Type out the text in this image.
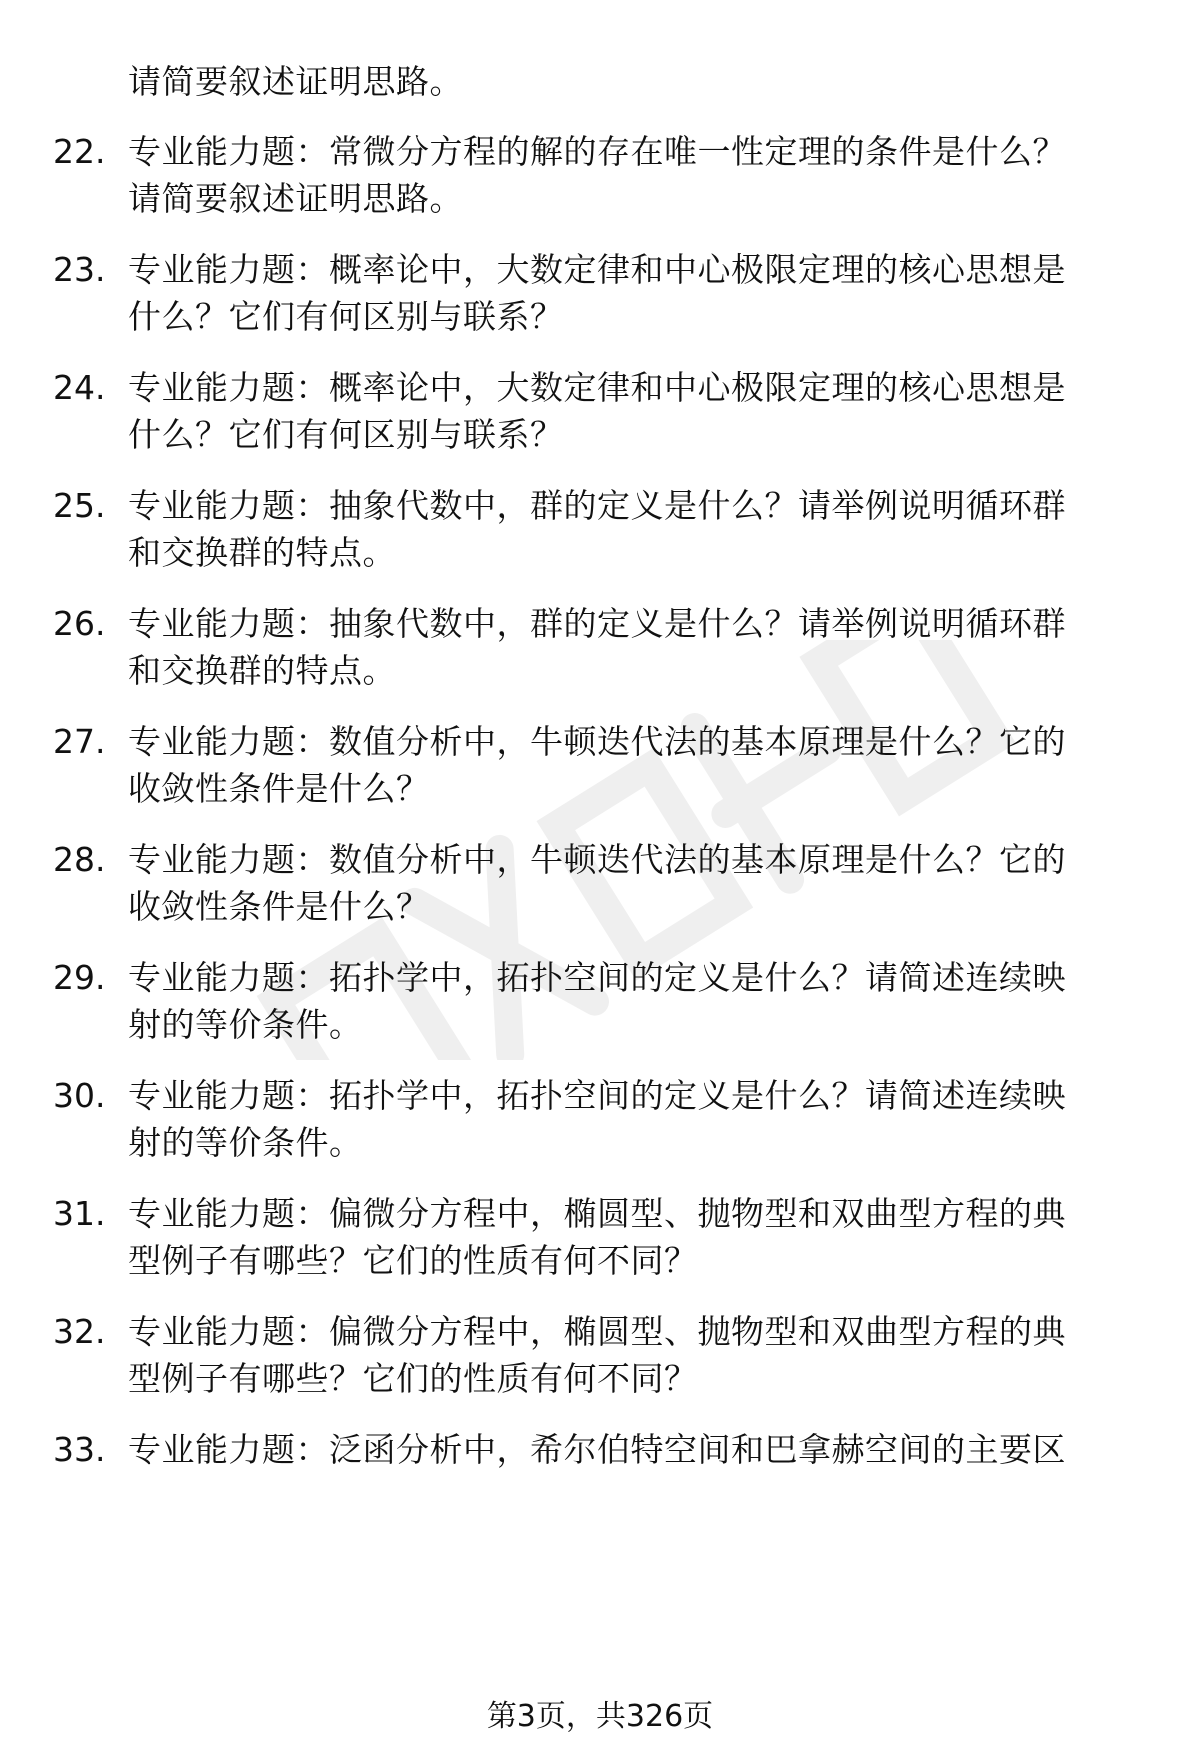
请简要叙述证明思路。
22. 专业能力题：常微分方程的解的存在唯一性定理的条件是什么？
请简要叙述证明思路。
23. 专业能力题：概率论中，大数定律和中心极限定理的核心思想是
什么？它们有何区别与联系？
24. 专业能力题：概率论中，大数定律和中心极限定理的核心思想是
什么？它们有何区别与联系？
25. 专业能力题：抽象代数中，群的定义是什么？请举例说明循环群
和交换群的特点。
26. 专业能力题：抽象代数中，群的定义是什么？请举例说明循环群
和交换群的特点。
27. 专业能力题：数值分析中，牛顿迭代法的基本原理是什么？它的
收敛性条件是什么？
28. 专业能力题：数值分析中，牛顿迭代法的基本原理是什么？它的
收敛性条件是什么？
29. 专业能力题：拓扑学中，拓扑空间的定义是什么？请简述连续映
射的等价条件。
30. 专业能力题：拓扑学中，拓扑空间的定义是什么？请简述连续映
射的等价条件。
31. 专业能力题：偏微分方程中，椭圆型、抛物型和双曲型方程的典
型例子有哪些？它们的性质有何不同？
32. 专业能力题：偏微分方程中，椭圆型、抛物型和双曲型方程的典
型例子有哪些？它们的性质有何不同？
33. 专业能力题：泛函分析中，希尔伯特空间和巴拿赫空间的主要区
第3页，共326页
